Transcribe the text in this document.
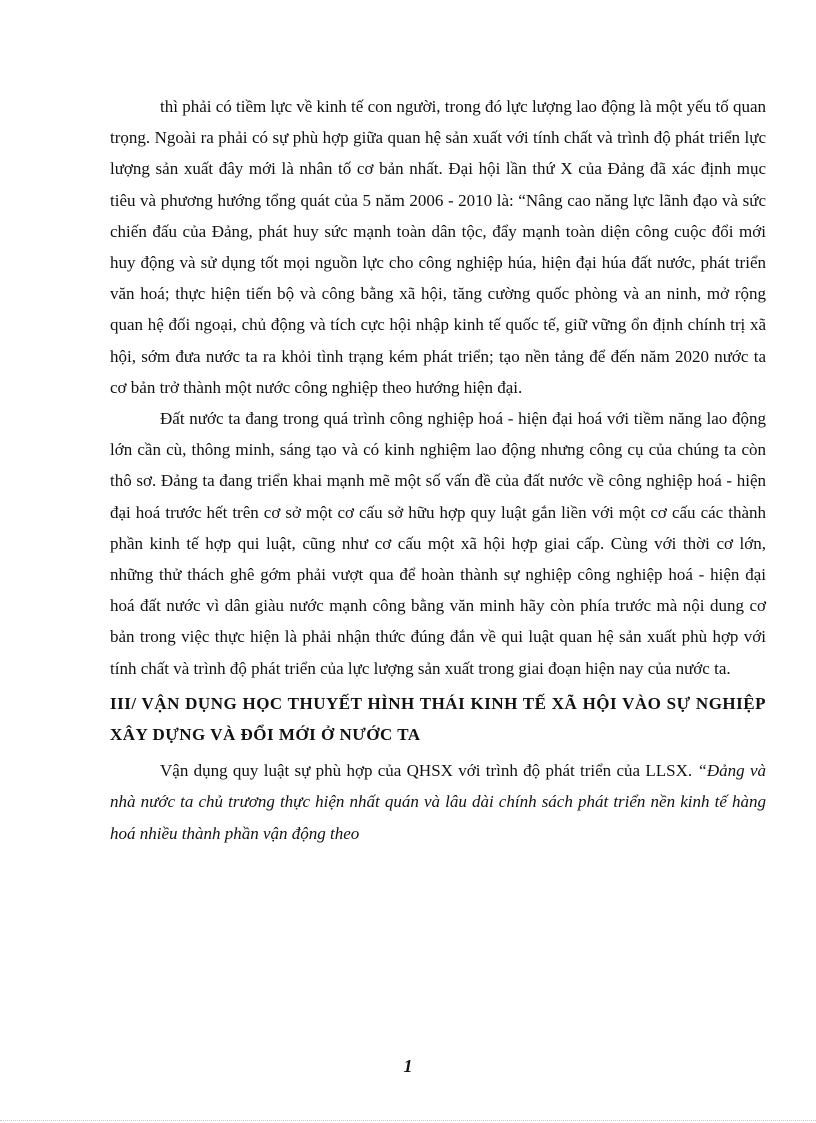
thì phải có tiềm lực về kinh tế con người, trong đó lực lượng lao động là một yếu tố quan trọng. Ngoài ra phải có sự phù hợp giữa quan hệ sản xuất với tính chất và trình độ phát triển lực lượng sản xuất đây mới là nhân tố cơ bản nhất. Đại hội lần thứ X của Đảng đã xác định mục tiêu và phương hướng tổng quát của 5 năm 2006 - 2010 là: “Nâng cao năng lực lãnh đạo và sức chiến đấu của Đảng, phát huy sức mạnh toàn dân tộc, đẩy mạnh toàn diện công cuộc đổi mới huy động và sử dụng tốt mọi nguồn lực cho công nghiệp húa, hiện đại húa đất nước, phát triển văn hoá; thực hiện tiến bộ và công bằng xã hội, tăng cường quốc phòng và an ninh, mở rộng quan hệ đối ngoại, chủ động và tích cực hội nhập kinh tế quốc tế, giữ vững ổn định chính trị xã hội, sớm đưa nước ta ra khỏi tình trạng kém phát triển; tạo nền tảng để đến năm 2020 nước ta cơ bản trở thành một nước công nghiệp theo hướng hiện đại.

Đất nước ta đang trong quá trình công nghiệp hoá - hiện đại hoá với tiềm năng lao động lớn cần cù, thông minh, sáng tạo và có kinh nghiệm lao động nhưng công cụ của chúng ta còn thô sơ. Đảng ta đang triển khai mạnh mẽ một số vấn đề của đất nước về công nghiệp hoá - hiện đại hoá trước hết trên cơ sở một cơ cấu sở hữu hợp quy luật gắn liền với một cơ cấu các thành phần kinh tế hợp qui luật, cũng như cơ cấu một xã hội hợp giai cấp. Cùng với thời cơ lớn, những thử thách ghê gớm phải vượt qua để hoàn thành sự nghiệp công nghiệp hoá - hiện đại hoá đất nước vì dân giàu nước mạnh công bằng văn minh hãy còn phía trước mà nội dung cơ bản trong việc thực hiện là phải nhận thức đúng đắn về qui luật quan hệ sản xuất phù hợp với tính chất và trình độ phát triển của lực lượng sản xuất trong giai đoạn hiện nay của nước ta.

III/ VẬN DỤNG HỌC THUYẾT HÌNH THÁI KINH TẾ XÃ HỘI VÀO SỰ NGHIỆP XÂY DỰNG VÀ ĐỔI MỚI Ở NƯỚC TA

Vận dụng quy luật sự phù hợp của QHSX với trình độ phát triển của LLSX. “Đảng và nhà nước ta chủ trương thực hiện nhất quán và lâu dài chính sách phát triển nền kinh tế hàng hoá nhiều thành phần vận động theo

1
